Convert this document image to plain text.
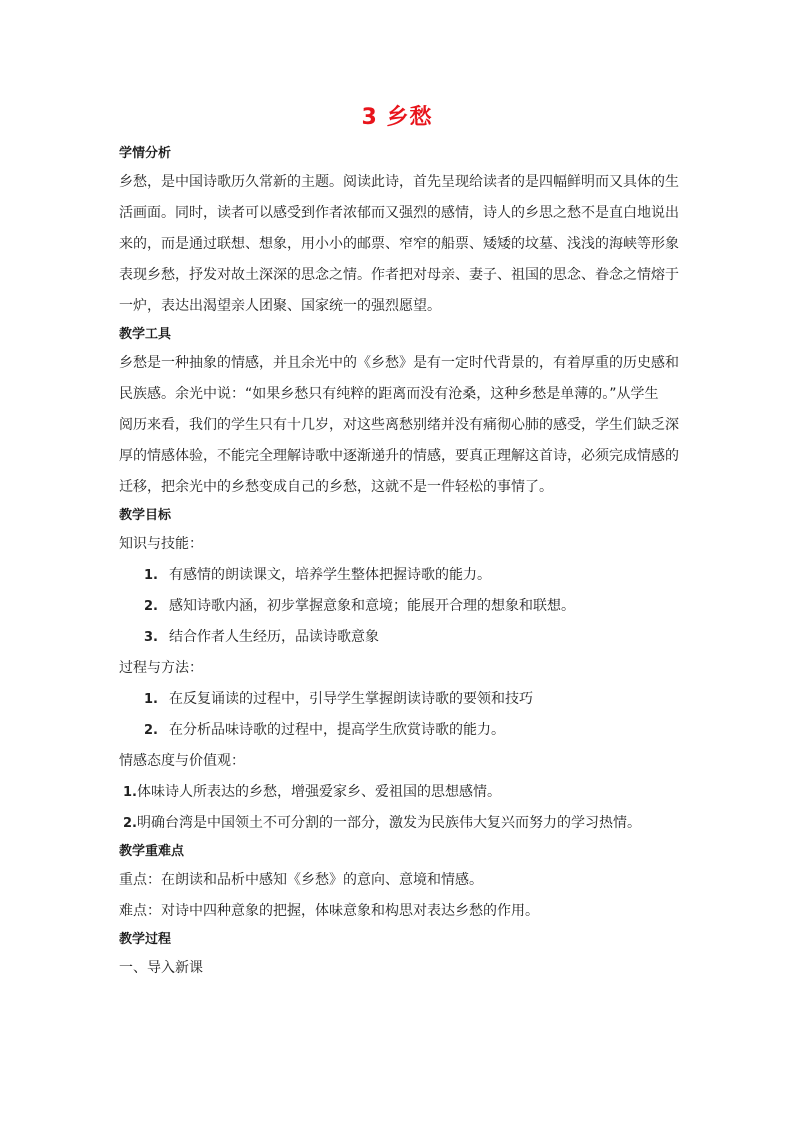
3 乡愁
学情分析
乡愁，是中国诗歌历久常新的主题。阅读此诗，首先呈现给读者的是四幅鲜明而又具体的生
活画面。同时，读者可以感受到作者浓郁而又强烈的感情，诗人的乡思之愁不是直白地说出
来的，而是通过联想、想象，用小小的邮票、窄窄的船票、矮矮的坟墓、浅浅的海峡等形象
表现乡愁，抒发对故土深深的思念之情。作者把对母亲、妻子、祖国的思念、眷念之情熔于
一炉，表达出渴望亲人团聚、国家统一的强烈愿望。
教学工具
乡愁是一种抽象的情感，并且余光中的《乡愁》是有一定时代背景的，有着厚重的历史感和
民族感。余光中说：“如果乡愁只有纯粹的距离而没有沧桑，这种乡愁是单薄的。”从学生
阅历来看，我们的学生只有十几岁，对这些离愁别绪并没有痛彻心肺的感受，学生们缺乏深
厚的情感体验，不能完全理解诗歌中逐渐递升的情感，要真正理解这首诗，必须完成情感的
迁移，把余光中的乡愁变成自己的乡愁，这就不是一件轻松的事情了。
教学目标
知识与技能：
1. 有感情的朗读课文，培养学生整体把握诗歌的能力。
2. 感知诗歌内涵，初步掌握意象和意境；能展开合理的想象和联想。
3. 结合作者人生经历，品读诗歌意象
过程与方法：
1. 在反复诵读的过程中，引导学生掌握朗读诗歌的要领和技巧
2. 在分析品味诗歌的过程中，提高学生欣赏诗歌的能力。
情感态度与价值观：
1.体味诗人所表达的乡愁，增强爱家乡、爱祖国的思想感情。
2.明确台湾是中国领土不可分割的一部分，激发为民族伟大复兴而努力的学习热情。
教学重难点
重点：在朗读和品析中感知《乡愁》的意向、意境和情感。
难点：对诗中四种意象的把握，体味意象和构思对表达乡愁的作用。
教学过程
一、导入新课
